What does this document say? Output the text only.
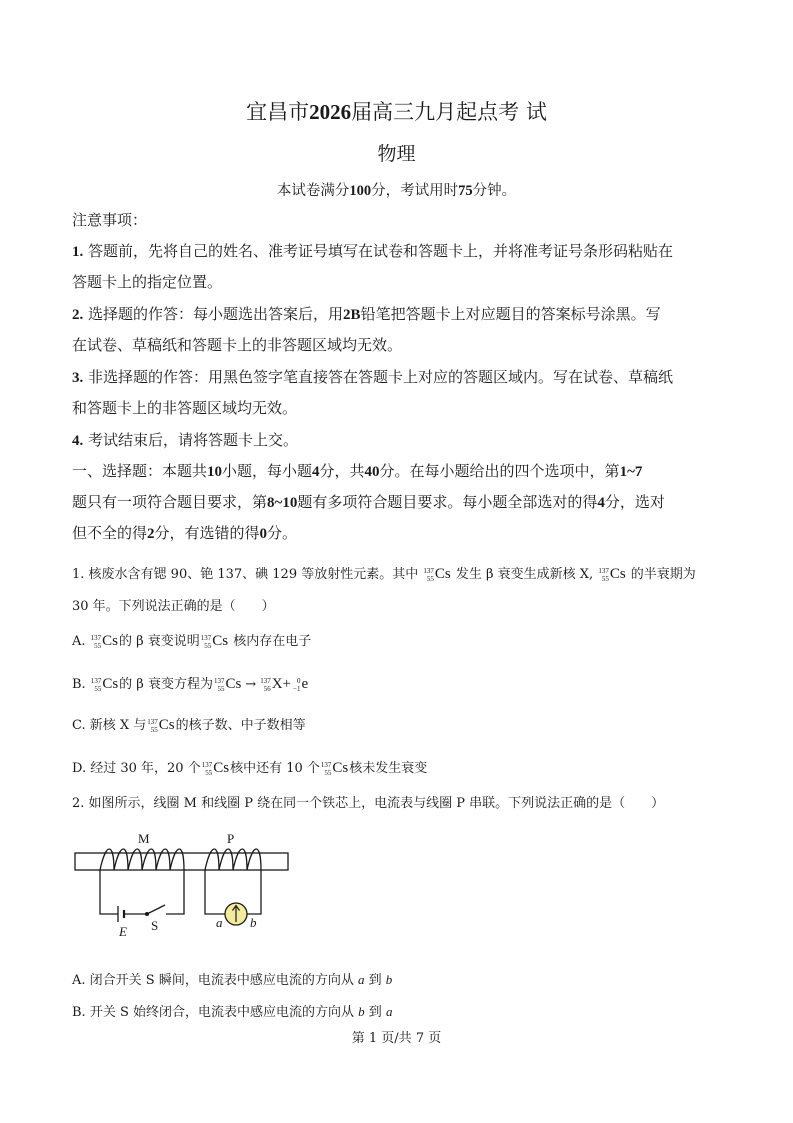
宜昌市2026届高三九月起点考 试
物理
本试卷满分100分，考试用时75分钟。
注意事项：
1. 答题前，先将自己的姓名、准考证号填写在试卷和答题卡上，并将准考证号条形码粘贴在
答题卡上的指定位置。
2. 选择题的作答：每小题选出答案后，用2B铅笔把答题卡上对应题目的答案标号涂黑。写
在试卷、草稿纸和答题卡上的非答题区域均无效。
3. 非选择题的作答：用黑色签字笔直接答在答题卡上对应的答题区域内。写在试卷、草稿纸
和答题卡上的非答题区域均无效。
4. 考试结束后，请将答题卡上交。
一、选择题：本题共10小题，每小题4分，共40分。在每小题给出的四个选项中，第1~7
题只有一项符合题目要求，第8~10题有多项符合题目要求。每小题全部选对的得4分，选对
但不全的得2分，有选错的得0分。
1. 核废水含有锶 90、铯 137、碘 129 等放射性元素。其中 137
55 Cs 发生 β 衰变生成新核 X, 137
55 Cs 的半衰期为
30 年。下列说法正确的是（　　）
A. 137
55 Cs 的 β 衰变说明 137
55 Cs 核内存在电子
B. 137
55 Cs 的 β 衰变方程为 137
55 Cs → 137
56 X+ 0
−1 e
C. 新核 X 与 137
55 Cs 的核子数、中子数相等
D. 经过 30 年，20 个 137
55 Cs 核中还有 10 个 137
55 Cs 核未发生衰变
2. 如图所示，线圈 M 和线圈 P 绕在同一个铁芯上，电流表与线圈 P 串联。下列说法正确的是（　　）
M	P
E S	a b
A. 闭合开关 S 瞬间，电流表中感应电流的方向从 a 到 b
B. 开关 S 始终闭合，电流表中感应电流的方向从 b 到 a
第 1 页/共 7 页
